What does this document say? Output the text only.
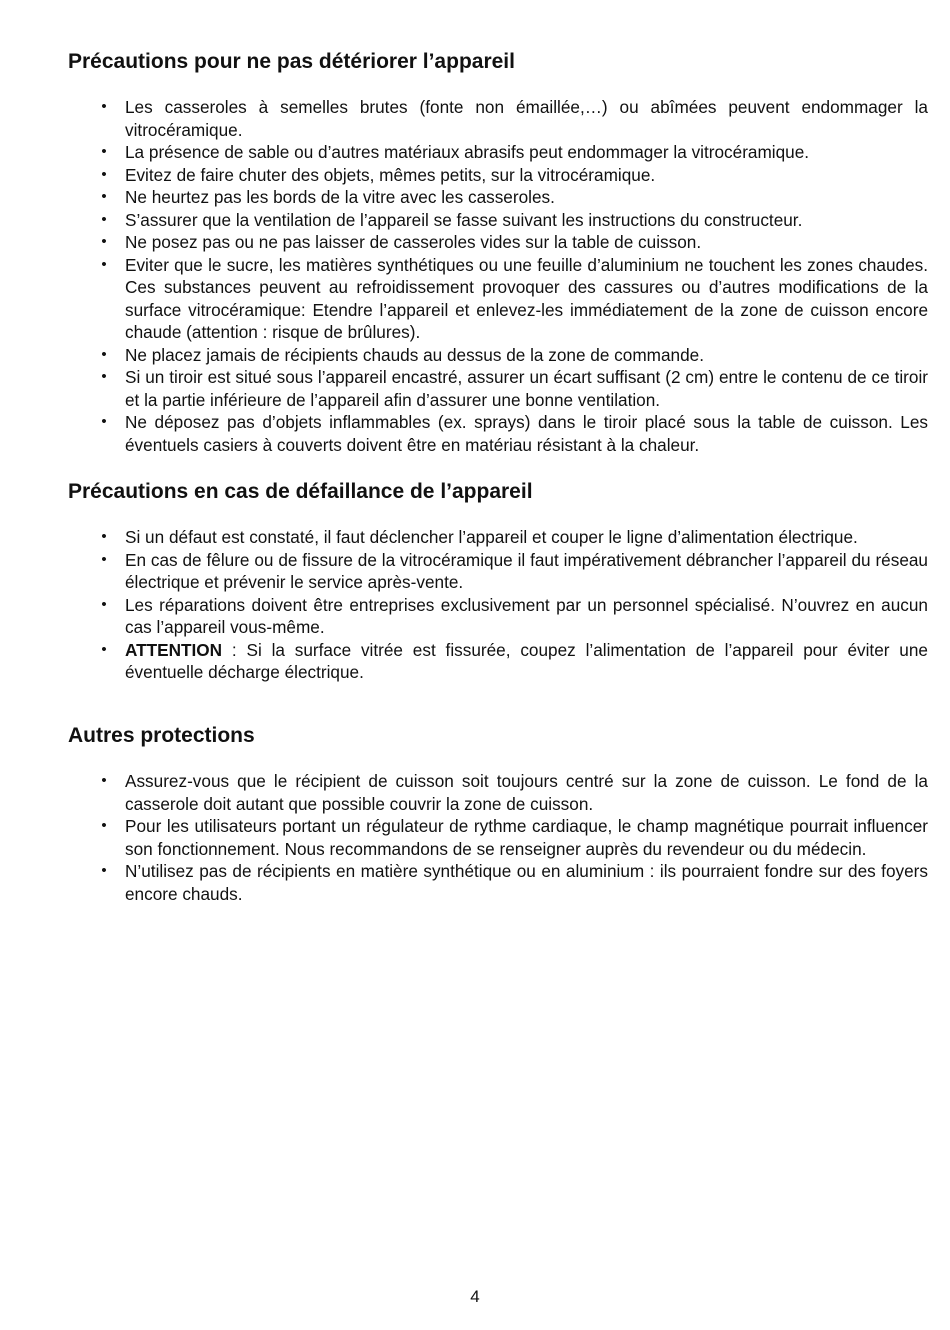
Précautions pour ne pas détériorer l’appareil
• Les casseroles à semelles brutes (fonte non émaillée,…) ou abîmées peuvent endommager la vitrocéramique.
• La présence de sable ou d’autres matériaux abrasifs peut endommager la vitrocéramique.
• Evitez de faire chuter des objets, mêmes petits, sur la vitrocéramique.
• Ne heurtez pas les bords de la vitre avec les casseroles.
• S’assurer que la ventilation de l’appareil se fasse suivant les instructions du constructeur.
• Ne posez pas ou ne pas laisser de casseroles vides sur la table de cuisson.
• Eviter que le sucre, les matières synthétiques ou une feuille d’aluminium ne touchent les zones chaudes. Ces substances peuvent au refroidissement provoquer des cassures ou d’autres modifications de la surface vitrocéramique: Etendre l’appareil et enlevez-les immédiatement de la zone de cuisson encore chaude (attention : risque de brûlures).
• Ne placez jamais de récipients chauds au dessus de la zone de commande.
• Si un tiroir est situé sous l’appareil encastré, assurer un écart suffisant (2 cm) entre le contenu de ce tiroir et la partie inférieure de l’appareil afin d’assurer une bonne ventilation.
• Ne déposez pas d’objets inflammables (ex. sprays) dans le tiroir placé sous la table de cuisson. Les éventuels casiers à couverts doivent être en matériau résistant à la chaleur.
Précautions en cas de défaillance de l’appareil
• Si un défaut est constaté, il faut déclencher l’appareil et couper le ligne d’alimentation électrique.
• En cas de fêlure ou de fissure de la vitrocéramique il faut impérativement débrancher l’appareil du réseau électrique et prévenir le service après-vente.
• Les réparations doivent être entreprises exclusivement par un personnel spécialisé. N’ouvrez en aucun cas l’appareil vous-même.
• ATTENTION : Si la surface vitrée est fissurée, coupez l’alimentation de l’appareil pour éviter une éventuelle décharge électrique.
Autres protections
• Assurez-vous que le récipient de cuisson soit toujours centré sur la zone de cuisson. Le fond de la casserole doit autant que possible couvrir la zone de cuisson.
• Pour les utilisateurs portant un régulateur de rythme cardiaque, le champ magnétique pourrait influencer son fonctionnement. Nous recommandons de se renseigner auprès du revendeur ou du médecin.
• N’utilisez pas de récipients en matière synthétique ou en aluminium : ils pourraient fondre sur des foyers encore chauds.
4
